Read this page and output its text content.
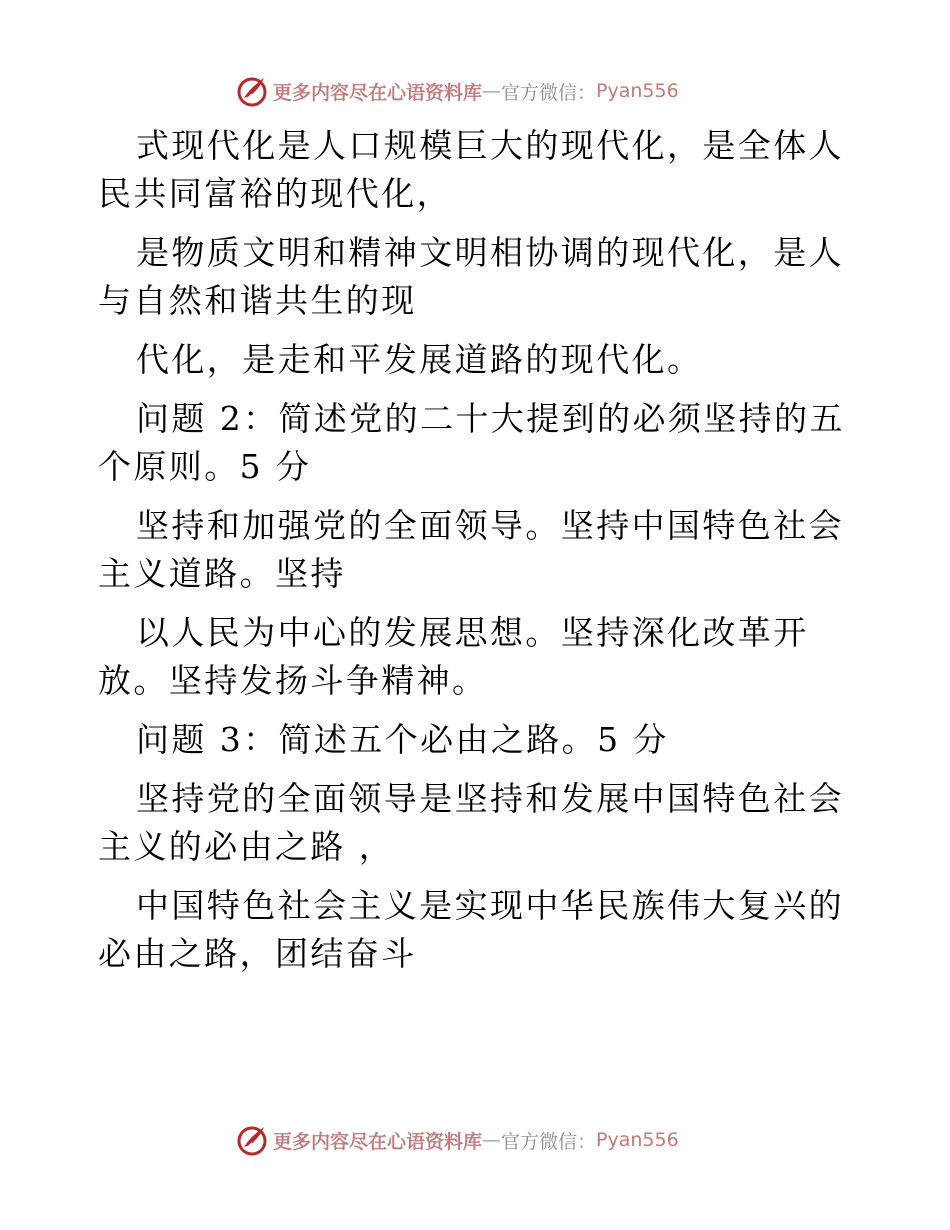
更多内容尽在心语资料库 — 官方微信： Pyan556

式现代化是人口规模巨大的现代化，是全体人民共同富裕的现代化，

是物质文明和精神文明相协调的现代化，是人与自然和谐共生的现

代化，是走和平发展道路的现代化。

问题 2：简述党的二十大提到的必须坚持的五个原则。5 分

坚持和加强党的全面领导。坚持中国特色社会主义道路。坚持

以人民为中心的发展思想。坚持深化改革开放。坚持发扬斗争精神。

问题 3：简述五个必由之路。5 分

坚持党的全面领导是坚持和发展中国特色社会主义的必由之路 ，

中国特色社会主义是实现中华民族伟大复兴的必由之路，团结奋斗

更多内容尽在心语资料库 — 官方微信： Pyan556
